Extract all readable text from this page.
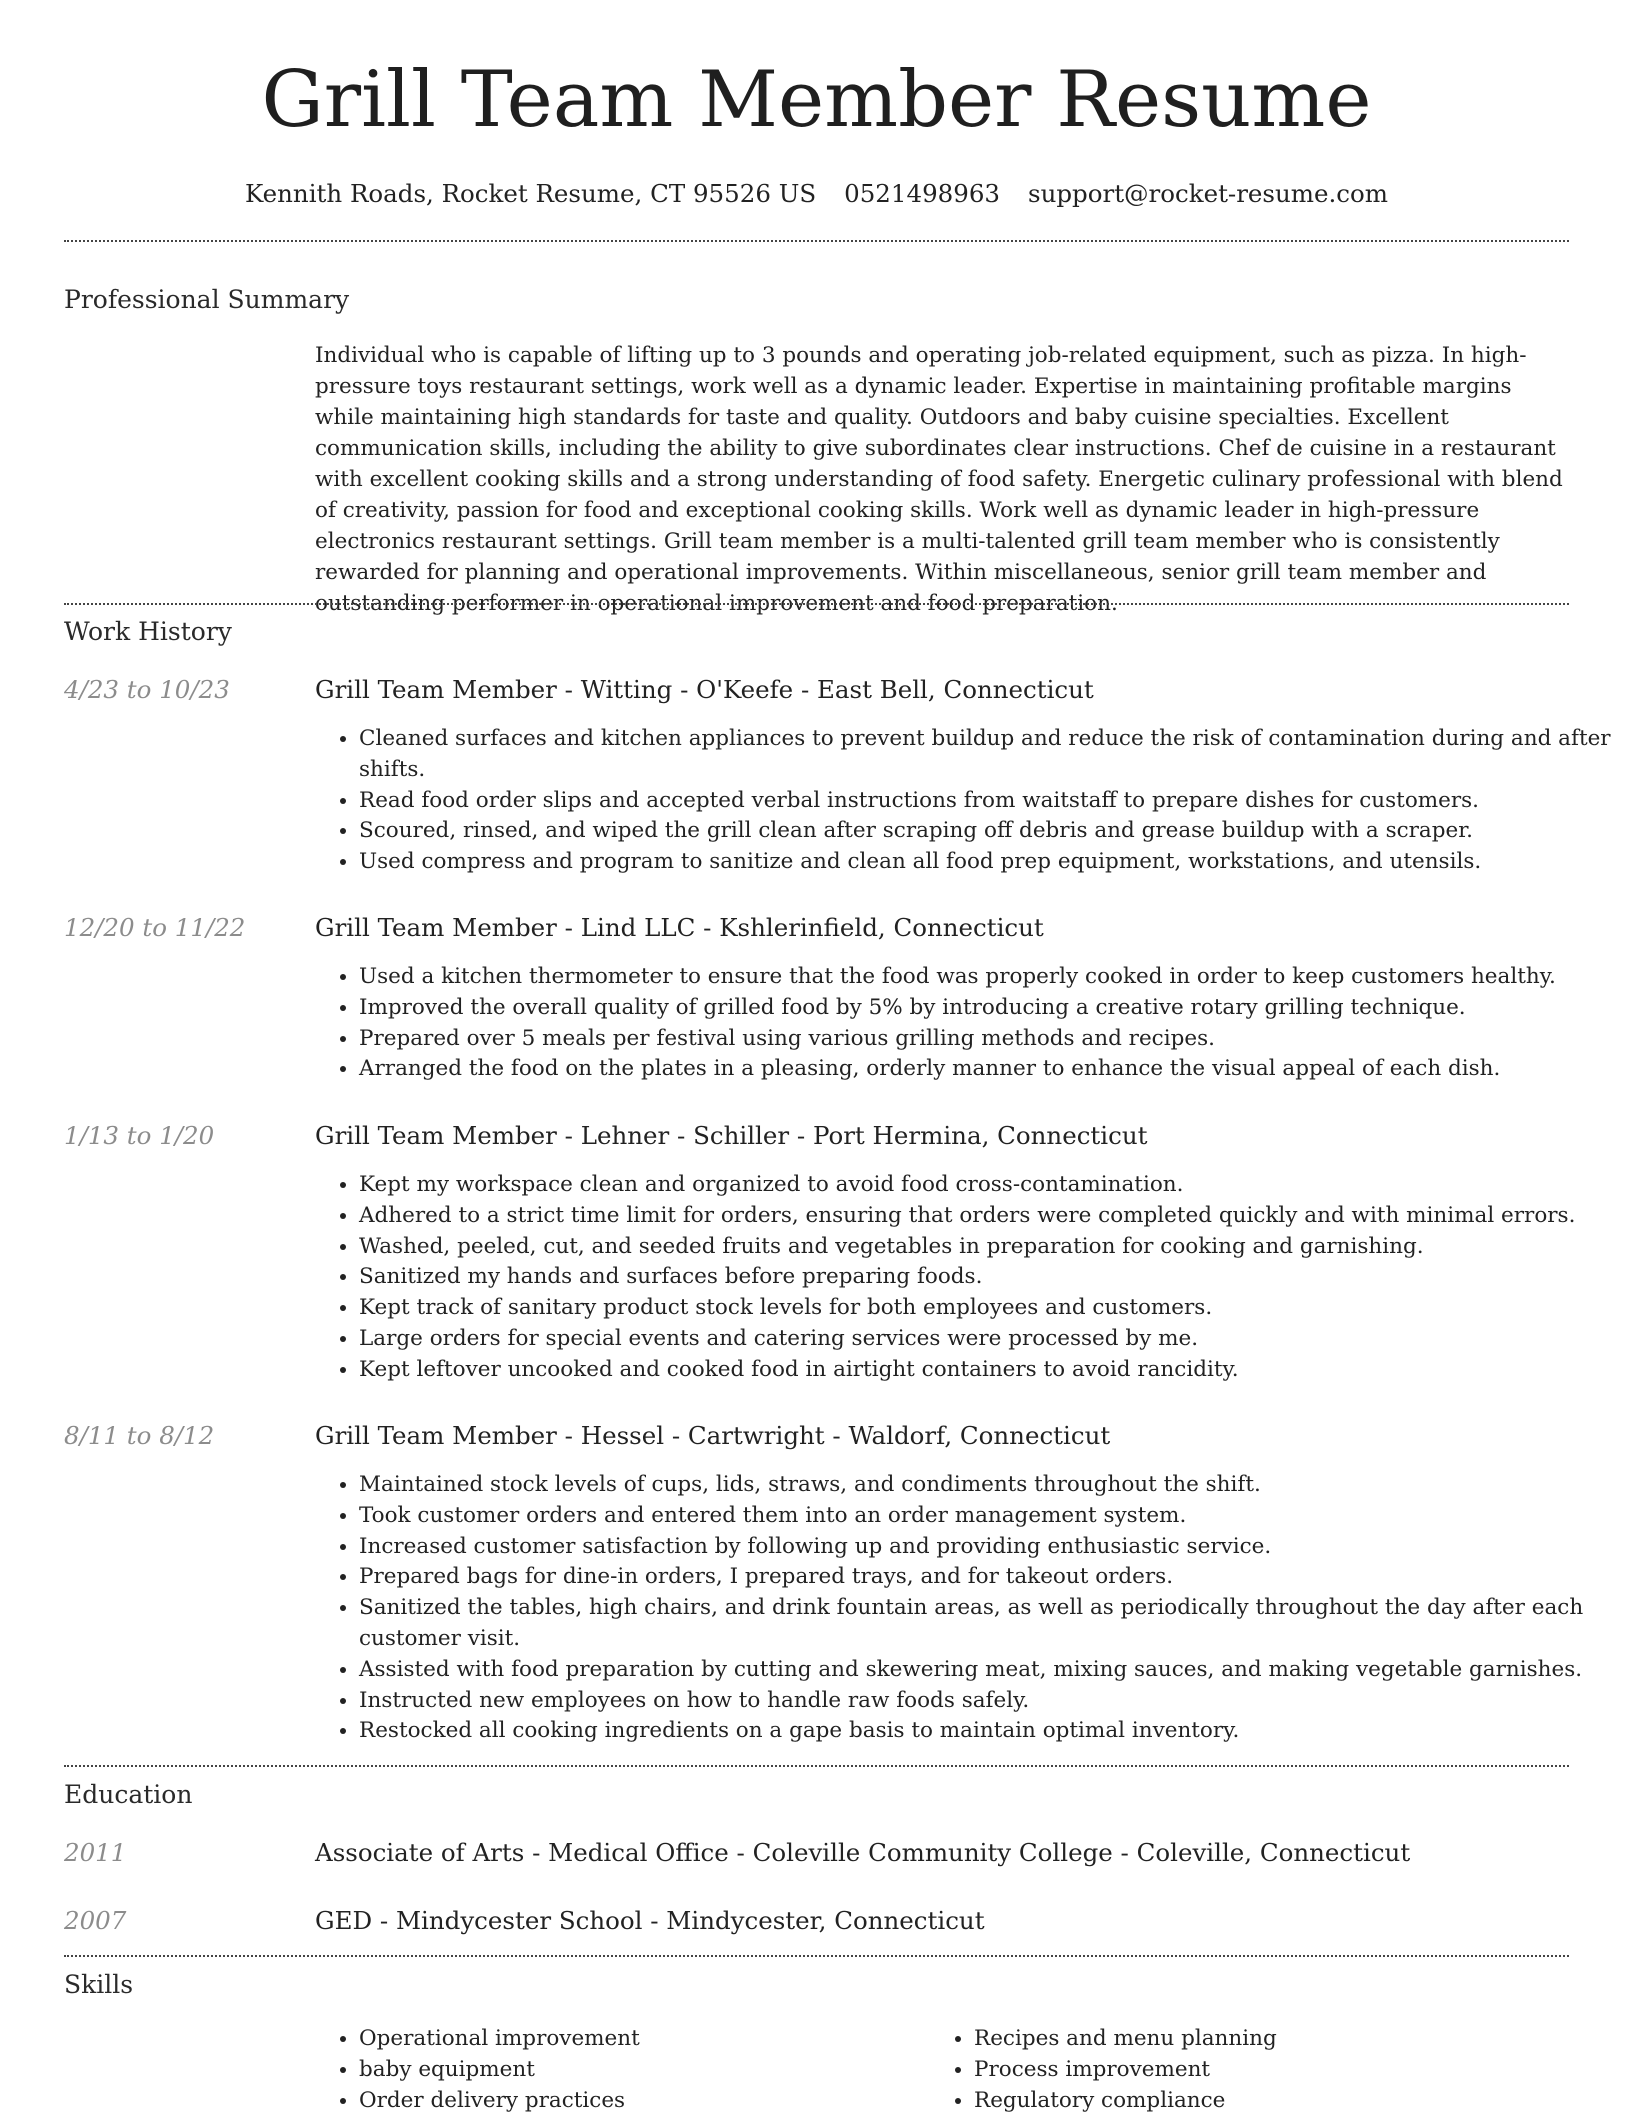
Grill Team Member Resume
Kennith Roads, Rocket Resume, CT 95526 US 0521498963 support@rocket-resume.com
Professional Summary
Individual who is capable of lifting up to 3 pounds and operating job-related equipment, such as pizza. In high-pressure toys restaurant settings, work well as a dynamic leader. Expertise in maintaining profitable margins while maintaining high standards for taste and quality. Outdoors and baby cuisine specialties. Excellent communication skills, including the ability to give subordinates clear instructions. Chef de cuisine in a restaurant with excellent cooking skills and a strong understanding of food safety. Energetic culinary professional with blend of creativity, passion for food and exceptional cooking skills. Work well as dynamic leader in high-pressure electronics restaurant settings. Grill team member is a multi-talented grill team member who is consistently rewarded for planning and operational improvements. Within miscellaneous, senior grill team member and outstanding performer in operational improvement and food preparation.
Work History
4/23 to 10/23	Grill Team Member - Witting - O'Keefe - East Bell, Connecticut
• Cleaned surfaces and kitchen appliances to prevent buildup and reduce the risk of contamination during and after shifts.
• Read food order slips and accepted verbal instructions from waitstaff to prepare dishes for customers.
• Scoured, rinsed, and wiped the grill clean after scraping off debris and grease buildup with a scraper.
• Used compress and program to sanitize and clean all food prep equipment, workstations, and utensils.
12/20 to 11/22	Grill Team Member - Lind LLC - Kshlerinfield, Connecticut
• Used a kitchen thermometer to ensure that the food was properly cooked in order to keep customers healthy.
• Improved the overall quality of grilled food by 5% by introducing a creative rotary grilling technique.
• Prepared over 5 meals per festival using various grilling methods and recipes.
• Arranged the food on the plates in a pleasing, orderly manner to enhance the visual appeal of each dish.
1/13 to 1/20	Grill Team Member - Lehner - Schiller - Port Hermina, Connecticut
• Kept my workspace clean and organized to avoid food cross-contamination.
• Adhered to a strict time limit for orders, ensuring that orders were completed quickly and with minimal errors.
• Washed, peeled, cut, and seeded fruits and vegetables in preparation for cooking and garnishing.
• Sanitized my hands and surfaces before preparing foods.
• Kept track of sanitary product stock levels for both employees and customers.
• Large orders for special events and catering services were processed by me.
• Kept leftover uncooked and cooked food in airtight containers to avoid rancidity.
8/11 to 8/12	Grill Team Member - Hessel - Cartwright - Waldorf, Connecticut
• Maintained stock levels of cups, lids, straws, and condiments throughout the shift.
• Took customer orders and entered them into an order management system.
• Increased customer satisfaction by following up and providing enthusiastic service.
• Prepared bags for dine-in orders, I prepared trays, and for takeout orders.
• Sanitized the tables, high chairs, and drink fountain areas, as well as periodically throughout the day after each customer visit.
• Assisted with food preparation by cutting and skewering meat, mixing sauces, and making vegetable garnishes.
• Instructed new employees on how to handle raw foods safely.
• Restocked all cooking ingredients on a gape basis to maintain optimal inventory.
Education
2011	Associate of Arts - Medical Office - Coleville Community College - Coleville, Connecticut
2007	GED - Mindycester School - Mindycester, Connecticut
Skills
• Operational improvement
• baby equipment
• Order delivery practices
• Recipes and menu planning
• Process improvement
• Regulatory compliance
